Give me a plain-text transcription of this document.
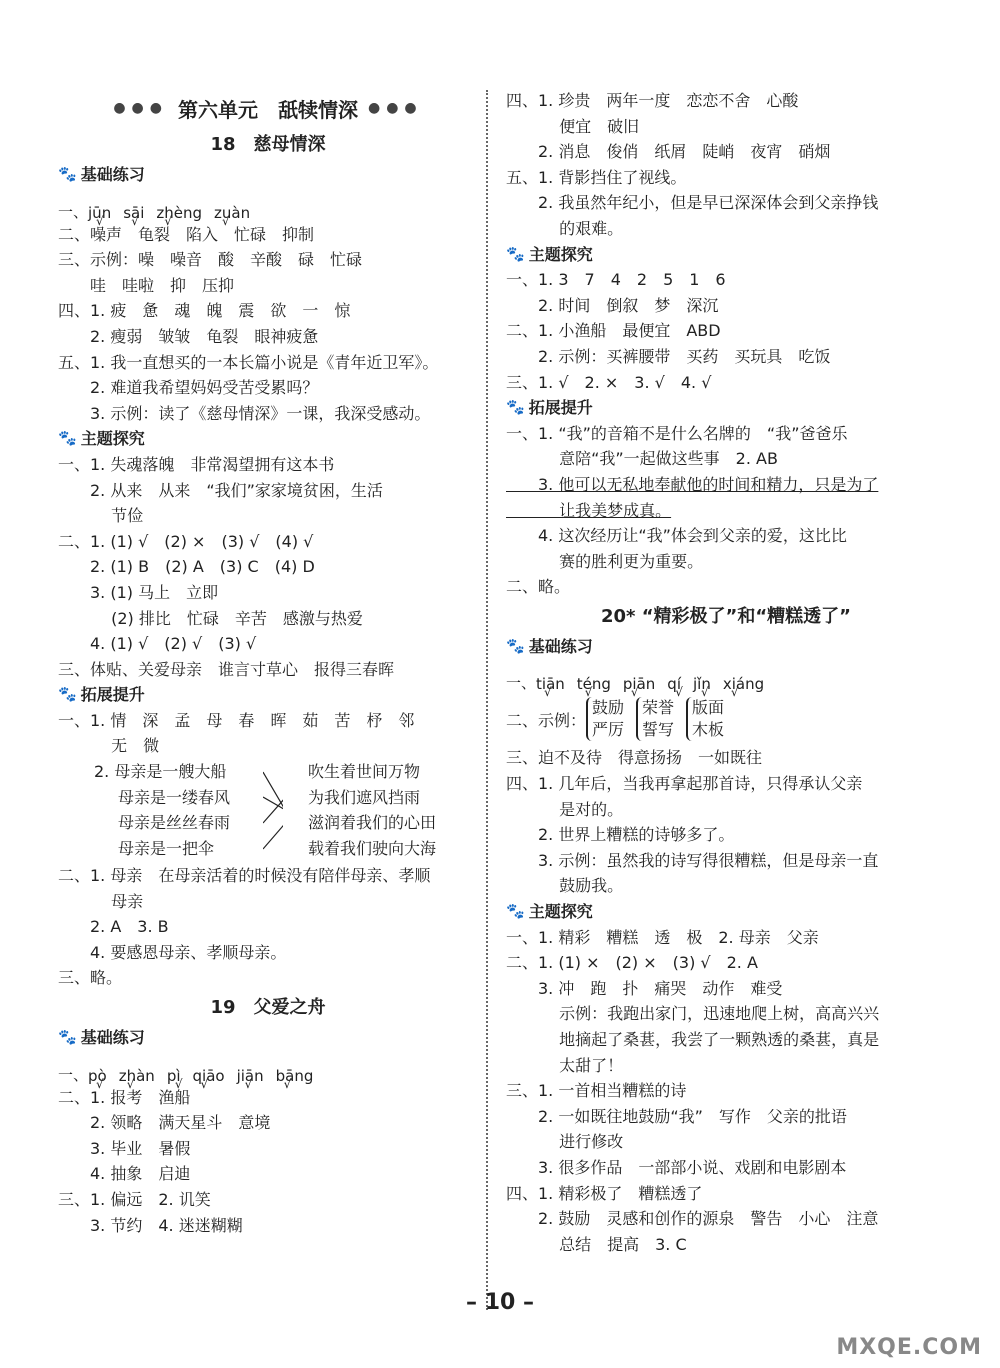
●●● 第六单元　舐犊情深 ●●●
18　慈母情深
🐾 基础练习
一、 jūn √ sāi √ zhèng √ zuàn √
二、噪声　龟裂　陷入　忙碌　抑制
三、示例：噪　噪音　酸　辛酸　碌　忙碌
　　哇　哇啦　抑　压抑
四、1. 疲　惫　魂　魄　震　欲　一　惊
　　2. 瘦弱　皱皱　龟裂　眼神疲惫
五、1. 我一直想买的一本长篇小说是《青年近卫军》。
　　2. 难道我希望妈妈受苦受累吗？
　　3. 示例：读了《慈母情深》一课，我深受感动。
🐾 主题探究
一、1. 失魂落魄　非常渴望拥有这本书
　　2. 从来　从来　“我们”家家境贫困，生活
　　　 节俭
二、1. (1) √　(2) ×　(3) √　(4) √
　　2. (1) B　(2) A　(3) C　(4) D
　　3. (1) 马上　立即
　　　 (2) 排比　忙碌　辛苦　感激与热爱
　　4. (1) √　(2) √　(3) √
三、体贴、关爱母亲　谁言寸草心　报得三春晖
🐾 拓展提升
一、1. 情　深　孟　母　春　晖　茹　苦　杼　邻
　　　 无　微
2. 母亲是一艘大船
母亲是一缕春风
母亲是丝丝春雨
母亲是一把伞
吹生着世间万物
为我们遮风挡雨
滋润着我们的心田
载着我们驶向大海
二、1. 母亲　在母亲活着的时候没有陪伴母亲、孝顺
　　　 母亲
　　2. A　3. B
　　4. 要感恩母亲、孝顺母亲。
三、略。
19　父爱之舟
🐾 基础练习
一、 pò √ zhàn √ pì √ qiāo √ jiān √ bāng √
二、1. 报考　渔船
　　2. 领略　满天星斗　意境
　　3. 毕业　暑假
　　4. 抽象　启迪
三、1. 偏远　2. 讥笑
　　3. 节约　4. 迷迷糊糊
四、1. 珍贵　两年一度　恋恋不舍　心酸
　　　 便宜　破旧
　　2. 消息　俊俏　纸屑　陡峭　夜宵　硝烟
五、1. 背影挡住了视线。
　　2. 我虽然年纪小，但是早已深深体会到父亲挣钱
　　　 的艰难。
🐾 主题探究
一、1. 3　7　4　2　5　1　6
　　2. 时间　倒叙　梦　深沉
二、1. 小渔船　最便宜　ABD
　　2. 示例：买裤腰带　买药　买玩具　吃饭
三、1. √　2. ×　3. √　4. √
🐾 拓展提升
一、1. “我”的音箱不是什么名牌的　“我”爸爸乐
　　　 意陪“我”一起做这些事　2. AB
　　3. 他可以无私地奉献他的时间和精力，只是为了
　　　 让我美梦成真。
　　4. 这次经历让“我”体会到父亲的爱，这比比
　　　 赛的胜利更为重要。
二、略。
20* “精彩极了”和“糟糕透了”
🐾 基础练习
一、 tiān √ téng √ piān √ qí √ jǐn √ xiáng √
二、示例：
鼓励
严厉
荣誉
誓写
版面
木板
三、迫不及待　得意扬扬　一如既往
四、1. 几年后，当我再拿起那首诗，只得承认父亲
　　　 是对的。
　　2. 世界上糟糕的诗够多了。
　　3. 示例：虽然我的诗写得很糟糕，但是母亲一直
　　　 鼓励我。
🐾 主题探究
一、1. 精彩　糟糕　透　极　2. 母亲　父亲
二、1. (1) ×　(2) ×　(3) √　2. A
　　3. 冲　跑　扑　痛哭　动作　难受
　　　 示例：我跑出家门，迅速地爬上树，高高兴兴
　　　 地摘起了桑葚，我尝了一颗熟透的桑葚，真是
　　　 太甜了！
三、1. 一首相当糟糕的诗
　　2. 一如既往地鼓励“我”　写作　父亲的批语
　　　 进行修改
　　3. 很多作品　一部部小说、戏剧和电影剧本
四、1. 精彩极了　糟糕透了
　　2. 鼓励　灵感和创作的源泉　警告　小心　注意
　　　 总结　提高　3. C
– 10 –
MXQE.COM
